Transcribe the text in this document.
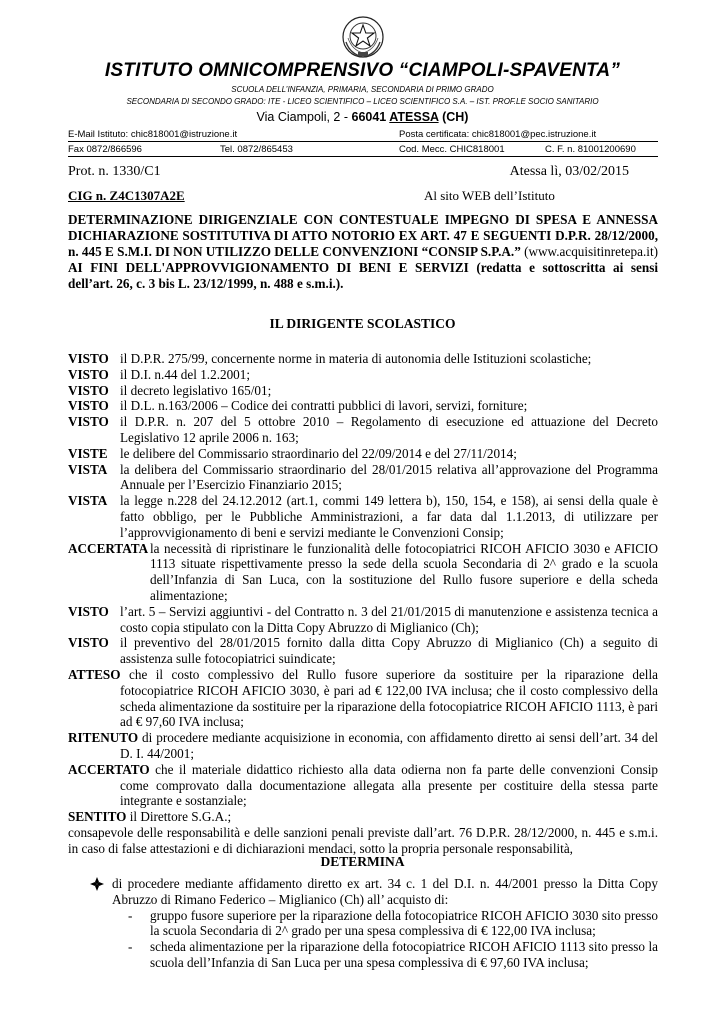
ISTITUTO OMNICOMPRENSIVO “CIAMPOLI-SPAVENTA”
SCUOLA DELL’INFANZIA, PRIMARIA, SECONDARIA DI PRIMO GRADO
SECONDARIA DI SECONDO GRADO: ITE - LICEO SCIENTIFICO – LICEO SCIENTIFICO S.A. – IST. PROF.LE SOCIO SANITARIO
Via Ciampoli, 2 - 66041 ATESSA (CH)
E-Mail Istituto: chic818001@istruzione.it	Posta certificata: chic818001@pec.istruzione.it
Fax 0872/866596	Tel. 0872/865453	Cod. Mecc. CHIC818001	C. F. n. 81001200690
Prot. n. 1330/C1	Atessa lì, 03/02/2015
CIG n. Z4C1307A2E	Al sito WEB dell’Istituto
DETERMINAZIONE DIRIGENZIALE CON CONTESTUALE IMPEGNO DI SPESA E ANNESSA DICHIARAZIONE SOSTITUTIVA DI ATTO NOTORIO EX ART. 47 E SEGUENTI D.P.R. 28/12/2000, n. 445 E S.M.I. DI NON UTILIZZO DELLE CONVENZIONI “CONSIP S.P.A.” (www.acquisitinretepa.it) AI FINI DELL'APPROVVIGIONAMENTO DI BENI E SERVIZI (redatta e sottoscritta ai sensi dell’art. 26, c. 3 bis L. 23/12/1999, n. 488 e s.m.i.).
IL DIRIGENTE SCOLASTICO
VISTO il D.P.R. 275/99, concernente norme in materia di autonomia delle Istituzioni scolastiche;
VISTO il D.I. n.44 del 1.2.2001;
VISTO il decreto legislativo 165/01;
VISTO il D.L. n.163/2006 – Codice dei contratti pubblici di lavori, servizi, forniture;
VISTO il D.P.R. n. 207 del 5 ottobre 2010 – Regolamento di esecuzione ed attuazione del Decreto Legislativo 12 aprile 2006 n. 163;
VISTE le delibere del Commissario straordinario del 22/09/2014 e del 27/11/2014;
VISTA la delibera del Commissario straordinario del 28/01/2015 relativa all’approvazione del Programma Annuale per l’Esercizio Finanziario 2015;
VISTA la legge n.228 del 24.12.2012 (art.1, commi 149 lettera b), 150, 154, e 158), ai sensi della quale è fatto obbligo, per le Pubbliche Amministrazioni, a far data dal 1.1.2013, di utilizzare per l’approvvigionamento di beni e servizi mediante le Convenzioni Consip;
ACCERTATA la necessità di ripristinare le funzionalità delle fotocopiatrici RICOH AFICIO 3030 e AFICIO 1113 situate rispettivamente presso la sede della scuola Secondaria di 2^ grado e la scuola dell’Infanzia di San Luca, con la sostituzione del Rullo fusore superiore e della scheda alimentazione;
VISTO l’art. 5 – Servizi aggiuntivi - del Contratto n. 3 del 21/01/2015 di manutenzione e assistenza tecnica a costo copia stipulato con la Ditta Copy Abruzzo di Miglianico (Ch);
VISTO il preventivo del 28/01/2015 fornito dalla ditta Copy Abruzzo di Miglianico (Ch) a seguito di assistenza sulle fotocopiatrici suindicate;
ATTESO che il costo complessivo del Rullo fusore superiore da sostituire per la riparazione della fotocopiatrice RICOH AFICIO 3030, è pari ad € 122,00 IVA inclusa; che il costo complessivo della scheda alimentazione da sostituire per la riparazione della fotocopiatrice RICOH AFICIO 1113, è pari ad € 97,60 IVA inclusa;
RITENUTO di procedere mediante acquisizione in economia, con affidamento diretto ai sensi dell’art. 34 del D. I. 44/2001;
ACCERTATO che il materiale didattico richiesto alla data odierna non fa parte delle convenzioni Consip come comprovato dalla documentazione allegata alla presente per costituire della stessa parte integrante e sostanziale;
SENTITO il Direttore S.G.A.;
consapevole delle responsabilità e delle sanzioni penali previste dall’art. 76 D.P.R. 28/12/2000, n. 445 e s.m.i. in caso di false attestazioni e di dichiarazioni mendaci, sotto la propria personale responsabilità,
DETERMINA
di procedere mediante affidamento diretto ex art. 34 c. 1 del D.I. n. 44/2001 presso la Ditta Copy Abruzzo di Rimano Federico – Miglianico (Ch) all’ acquisto di:
- gruppo fusore superiore per la riparazione della fotocopiatrice RICOH AFICIO 3030 sito presso la scuola Secondaria di 2^ grado per una spesa complessiva di € 122,00 IVA inclusa;
- scheda alimentazione per la riparazione della fotocopiatrice RICOH AFICIO 1113 sito presso la scuola dell’Infanzia di San Luca per una spesa complessiva di € 97,60 IVA inclusa;
